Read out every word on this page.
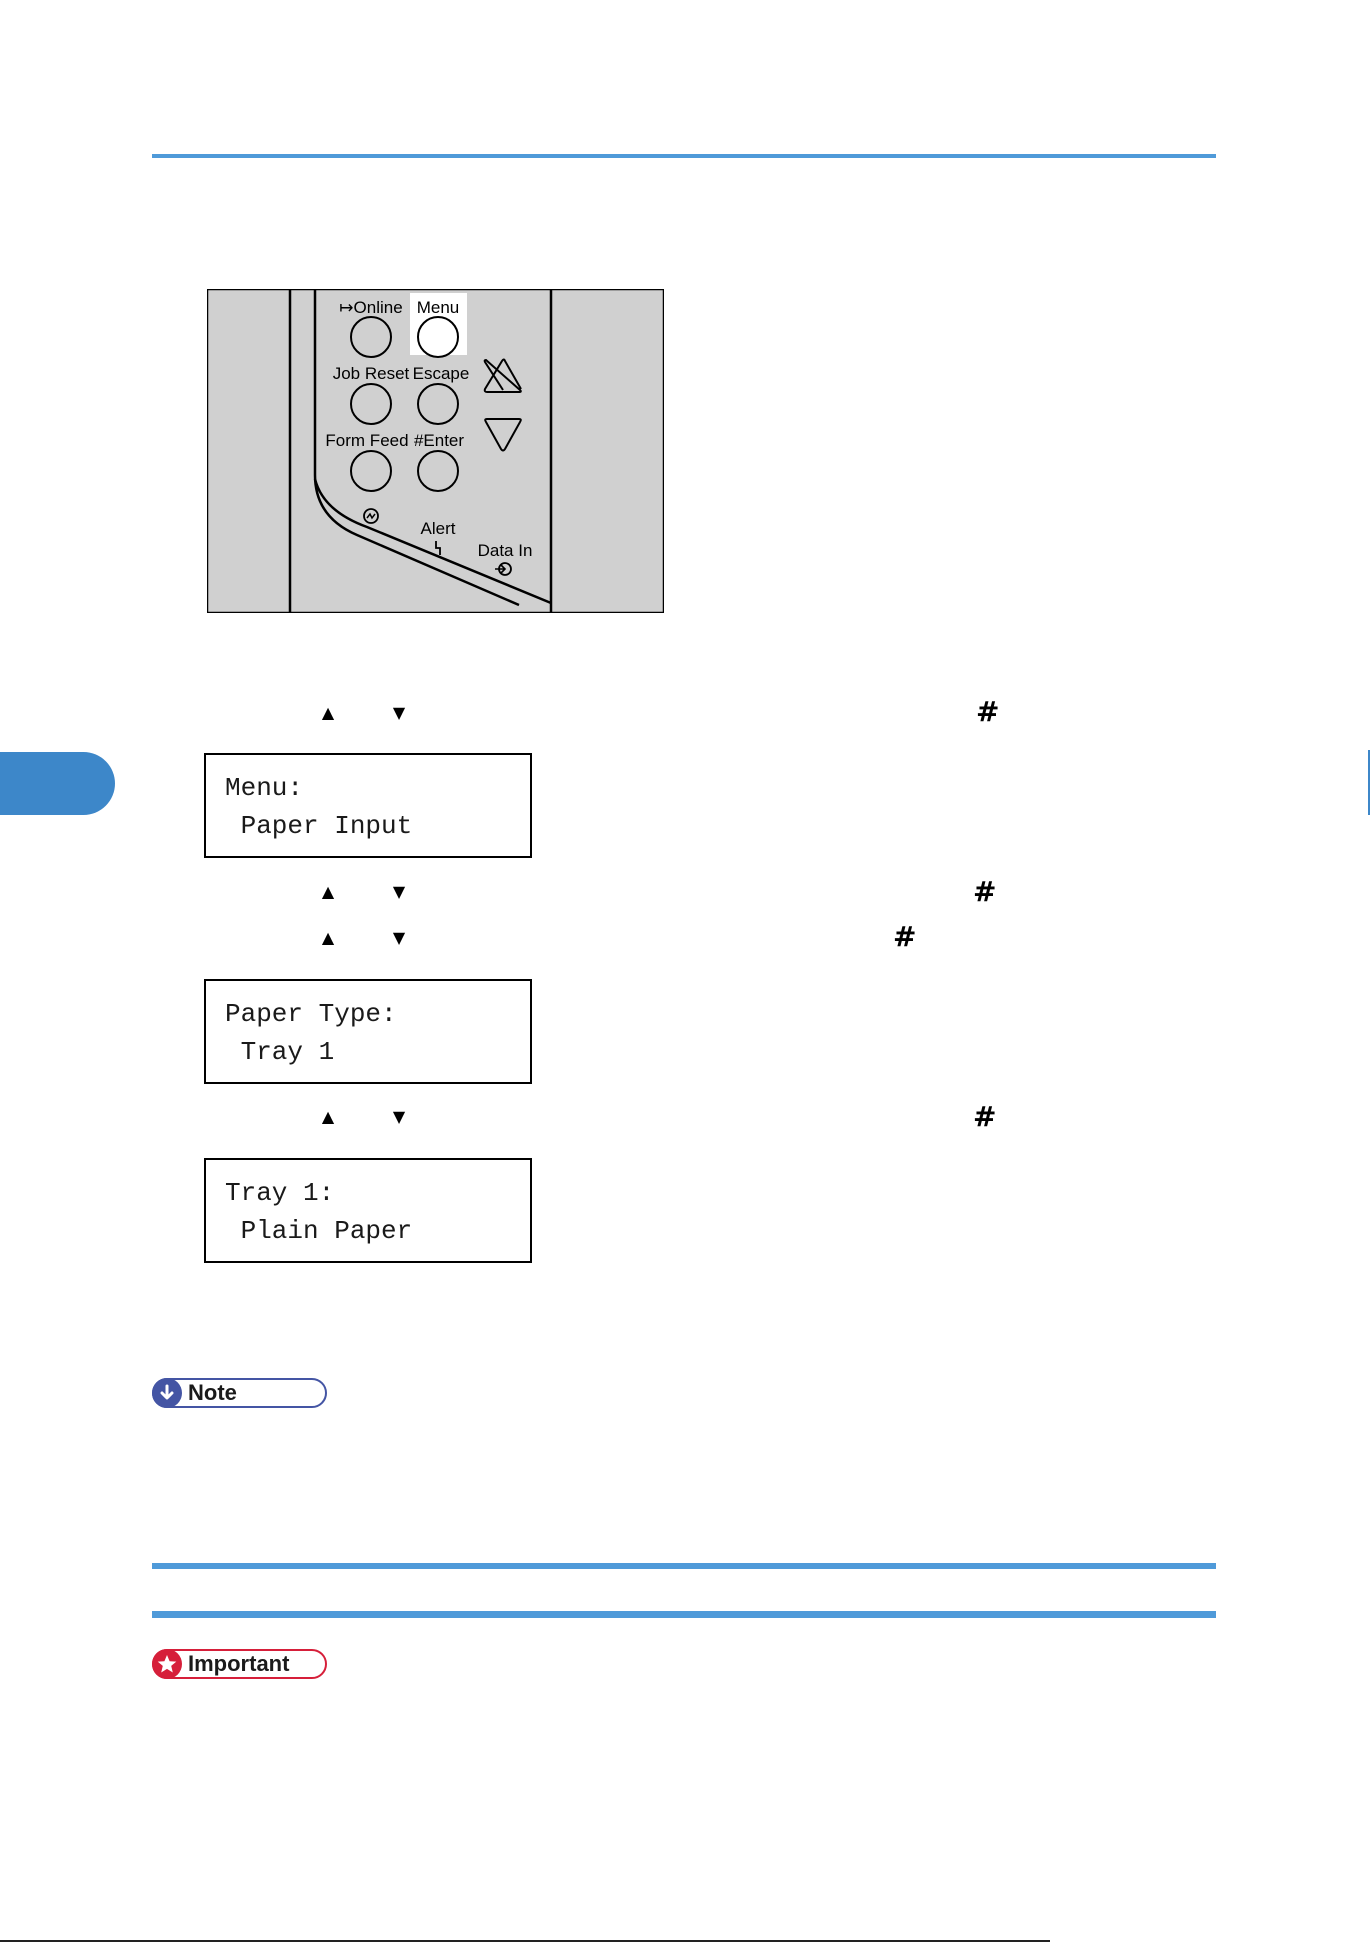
↦Online Menu
Job Reset Escape
Form Feed #Enter
Alert
Data In
▲	▼	#

Menu:

Paper Input

▲	▼	#
▲	▼	#

Paper Type:

Tray 1

▲	▼	#

Tray 1:

Plain Paper

Note
Important
